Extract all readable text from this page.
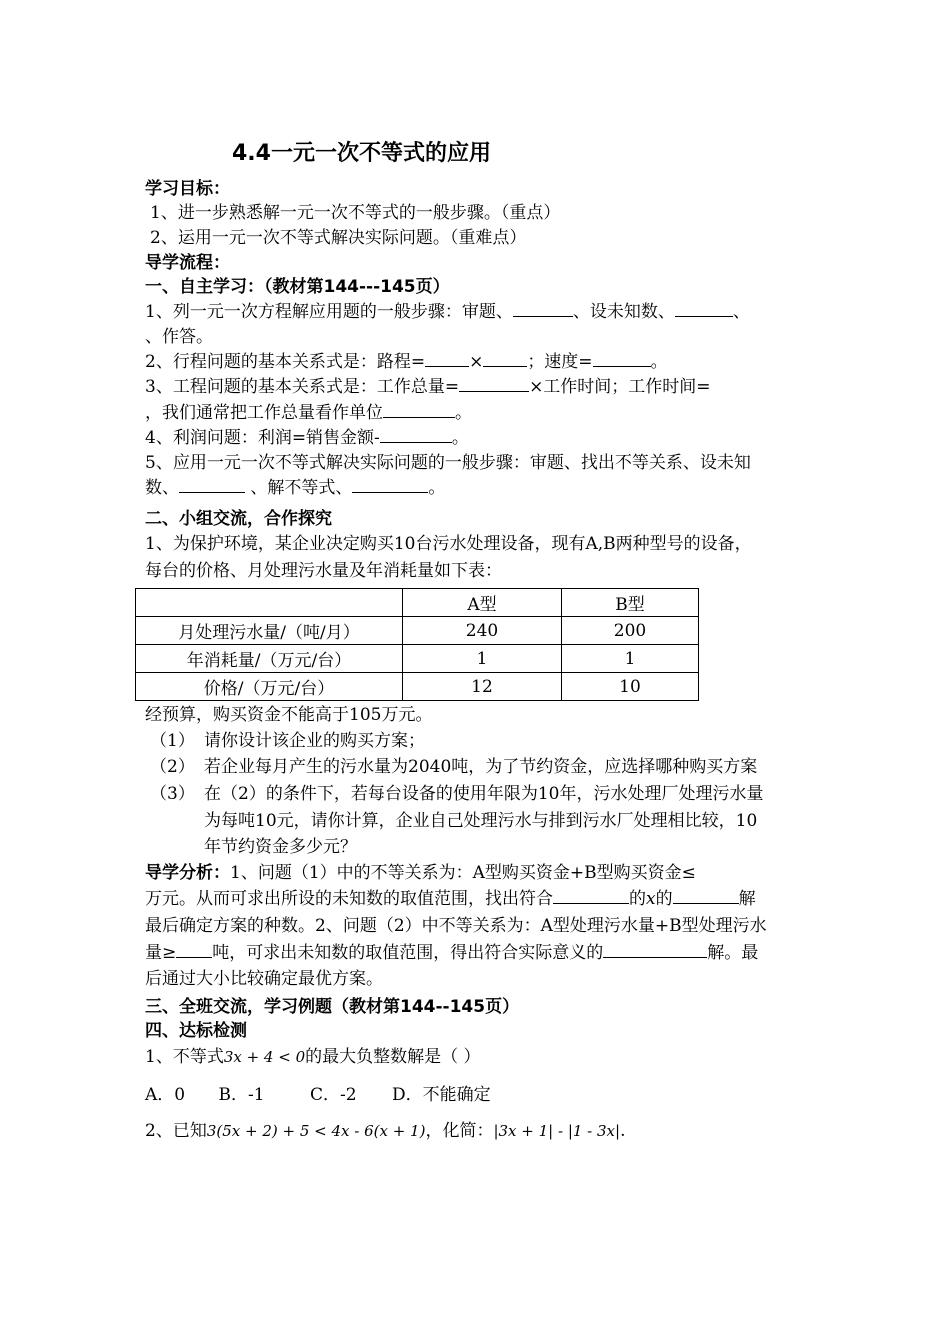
4.4一元一次不等式的应用
学习目标：
1、进一步熟悉解一元一次不等式的一般步骤。（重点）
2、运用一元一次不等式解决实际问题。（重难点）
导学流程：
一、自主学习：（教材第144---145页）
1、列一元一次方程解应用题的一般步骤：审题、	、设未知数、	、
、作答。
2、行程问题的基本关系式是：路程=	×	；速度=	。
3、工程问题的基本关系式是：工作总量=	×工作时间；工作时间=
，我们通常把工作总量看作单位	。
4、利润问题：利润=销售金额-	。
5、应用一元一次不等式解决实际问题的一般步骤：审题、找出不等关系、设未知
数、	、解不等式、	。
二、小组交流，合作探究
1、为保护环境，某企业决定购买10台污水处理设备，现有A,B两种型号的设备，
每台的价格、月处理污水量及年消耗量如下表：
	A型	B型
月处理污水量/（吨/月）	240	200
年消耗量/（万元/台）	1	1
价格/（万元/台）	12	10
经预算，购买资金不能高于105万元。
（1） 请你设计该企业的购买方案；
（2） 若企业每月产生的污水量为2040吨，为了节约资金，应选择哪种购买方案
（3） 在（2）的条件下，若每台设备的使用年限为10年，污水处理厂处理污水量
为每吨10元，请你计算，企业自己处理污水与排到污水厂处理相比较，10
年节约资金多少元？
导学分析：1、问题（1）中的不等关系为：A型购买资金+B型购买资金≤
万元。从而可求出所设的未知数的取值范围，找出符合	的x的	解
最后确定方案的种数。2、问题（2）中不等关系为：A型处理污水量+B型处理污水
量≥ 吨，可求出未知数的取值范围，得出符合实际意义的	解。最
后通过大小比较确定最优方案。
三、全班交流，学习例题（教材第144--145页）
四、达标检测
1、不等式3x + 4 < 0的最大负整数解是（ ）
A．0 B．-1	C．-2 D．不能确定
2、已知3(5x + 2) + 5 < 4x - 6(x + 1)，化简：|3x + 1| - |1 - 3x|.
